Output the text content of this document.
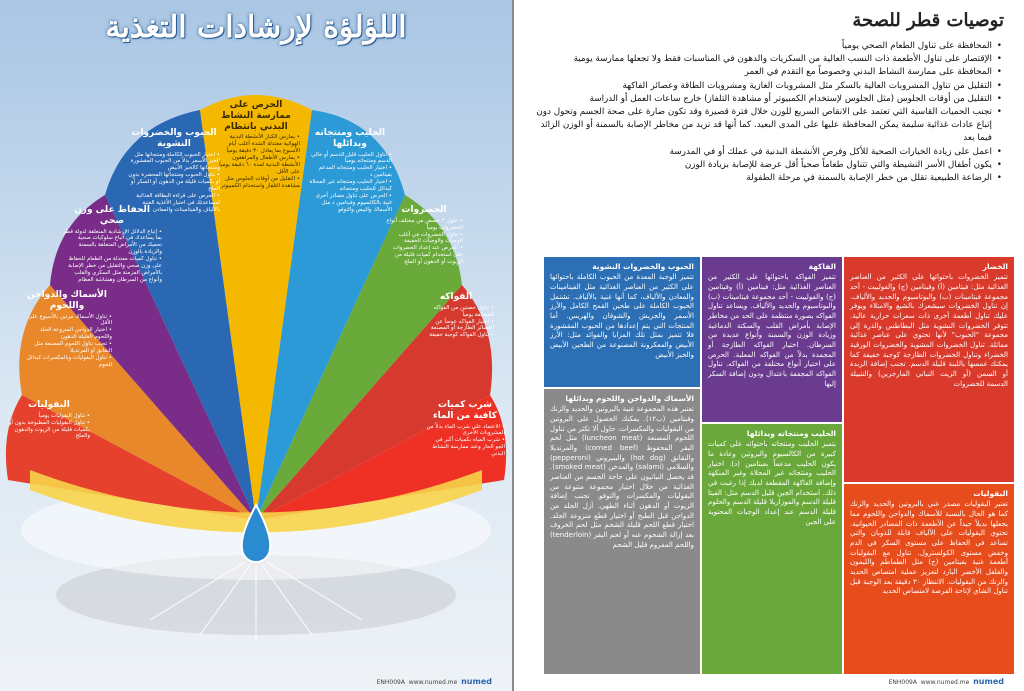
اللؤلؤة لإرشادات التغذية
البقوليات
• تناول البقوليات يومياً
• تناول البقوليات المطبوخة بدون أو بكميات قليلة من الزيوت والدهون والملح
الأسماك والدواجن واللحوم
• تناول الأسماك مرتين بالأسبوع على الأقل
• اختيار الدواجن المنزوعة الجلد واللحوم القليلة الدهون
• تجنب تناول اللحوم المصنعة مثل النقانق أو المرتديلا
• تناول البقوليات وبالمكسرات كبدائل للحوم
الحفاظ على وزن صحي
• إتباع الدلائل الإرشادية المتعلقة لدولة قطر بما يساعدك في اتباع سلوكيات صحية تحميك من الأمراض المتعلقة بالسمنة والزيادة بالوزن
• تناول كميات معتدلة من الطعام للحفاظ على وزن صحي والتقليل من خطر الإصابة بالأمراض المزمنة مثل السكري والقلب وأنواع من السرطان وهشاشة العظام
الحبوب والخضروات النشوية
• اختيار الحبوب الكاملة ومنتجاتها مثل الخبز الأسمر بدلاً من الحبوب المقشورة ومنتجاتها كالخبز الأبيض
• تناول الحبوب ومنتجاتها المحضرة بدون أو بكميات قليلة من الدهون أو السكر أو الملح
• الحرص على قراءة البطاقة الغذائية لمساعدتك في اختيار الأغذية الغنية بالألياف والفيتامينات والمعادن
الحرص على ممارسة النشاط البدني بانتظام
• يمارس الكبار الأنشطة البدنية الهوائية معتدلة الشدة أغلب أيام الأسبوع بما يعادل ٣٠ دقيقة يومياً
• يمارس الأطفال والمراهقون الأنشطة البدنية لمدة ٦٠ دقيقة يومياً على الأقل
• التقليل من أوقات الجلوس مثل مشاهدة التلفاز واستخدام الكمبيوتر
الحليب ومنتجاته وبدائلها
• تناول الحليب قليل الدسم أو خالي الدسم ومنتجاته يومياً
• اختيار الحليب ومنتجاته المدعم بفيتامين د
• اختيار الحليب ومنتجاته غير المحلاة كبدائل للحليب ومنتجاته
• الحرص على تناول مصادر أخرى غنية بالكالسيوم وفيتامين د مثل الأسماك والبيض والتوفو	الخضروات
• تناول ٣ حصص من مختلف أنواع الخضروات يومياً
• تناول الخضروات في أغلب الوجبات والوجبات الخفيفة
• الحرص عند إعداد الخضروات على استخدام كميات قليلة من الزيوت أو الدهون أو الملح
الفواكه
• تناول حصتين من الفواكه المختلفة يومياً
• اختيار الفواكه عوضاً عن العصائر الطازجة أو المصنعة
• تناول الفواكه كوجبة خفيفة
شرب كميات كافية من الماء
• الاعتماد على شرب الماء بدلاً من المشروبات الأخرى
• شرب المياه بكميات أكبر في الجو الحار وعند ممارسة النشاط البدني
ENH009A www.numed.me numed
توصيات قطر للصحة
• المحافظة على تناول الطعام الصحي يومياً
• الإقتصار على تناول الأطعمة ذات النسب العالية من السكريات والدهون في المناسبات فقط ولا تجعلها ممارسة يومية
• المحافظة على ممارسة النشاط البدني وخصوصاً مع التقدم في العمر
• التقليل من تناول المشروبات العالية بالسكر مثل المشروبات الغازية ومشروبات الطاقة وعصائر الفاكهة
• التقليل من أوقات الجلوس (مثل الجلوس لإستخدام الكمبيوتر أو مشاهدة التلفاز) خارج ساعات العمل أو الدراسة
• تجنب الحميات القاسية التي تعتمد على الانقاص السريع للوزن خلال فترة قصيرة وقد تكون ضارة على صحة الجسم وتحول دون إتباع عادات غذائية سليمة يمكن المحافظة عليها على المدى البعيد. كما أنها قد تزيد من مخاطر الإصابة بالسمنة أو الوزن الزائد فيما بعد
• اعمل على زيادة الخيارات الصحية للأكل وفرص الأنشطة البدنية في عملك أو في المدرسة
• يكون أطفال الأسر النشيطة والتي تتناول طعاماً صحياً أقل عرضة للإصابة بزيادة الوزن
• الرضاعة الطبيعية تقلل من خطر الإصابة بالسمنة في مرحلة الطفولة
الخضار
تتميز الخضروات باحتوائها على الكثير من العناصر الغذائية مثل: فيتامين (أ) وفيتامين (ج) والفولييت - أحد مجموعة فيتامينات (ب) والبوتاسيوم والحديد والألياف. إن تناول الخضروات سيشعرك بالشبع والامتلاء ويوفر عليك تناول أطعمة أخرى ذات سعرات حرارية عالية. تتوفر الخضروات النشوية مثل البطاطس والذرة إلى مجموعة "الحبوب" لأنها تحتوي على عناصر غذائية مماثلة. تناول الخضروات المشوية والخضروات الورقية الخضراء وتناول الخضروات الطازجة كوجبة خفيفة كما يمكنك غمسها باللبنة قليلة الدسم. تجنب إضافة الزبدة أو السمن (أو الزيت النباتي المارجرين) والتتبيلة الدسمة للخضروات
الفاكهة
تتميز الفواكه باحتوائها على الكثير من العناصر الغذائية مثل: فيتامين (أ) وفيتامين (ج) والفولييت - أحد مجموعة فيتامينات (ب) والبوتاسيوم والحديد والألياف. ويساعد تناول الفواكه بصورة منتظمة على الحد من مخاطر الإصابة بأمراض القلب والسكتة الدماغية وزيادة الوزن والسمنة وأنواع عديدة من السرطان. اختيار الفواكه الطازجة أو المجمدة بدلاً من الفواكه المعلبة. الحرص على اختيار أنواع مختلفة من الفواكه. تناول الفواكه المجففة باعتدال ودون إضافة السكر إليها
الحبوب والخضروات النشوية
تتميز الوجبة المعدة من الحبوب الكاملة باحتوائها على الكثير من العناصر الغذائية مثل الفيتامينات والمعادن والألياف، كما أنها غنية بالألياف. تشتمل الحبوب الكاملة على طحين القمح الكامل والأرز الأسمر والجريش والشوفان والهريس. أما المنتجات التي يتم إعدادها من الحبوب المقشورة فلا تتميز بمثل تلك المزايا والفوائد مثل: الأرز الأبيض والمعكرونة المصنوعة من الطحين الأبيض والخبز الأبيض
الأسماك والدواجن واللحوم وبدائلها
تعتبر هذه المجموعة غنية بالبروتين والحديد والزنك وفيتامين (ب١٢). يمكنك الحصول على البروتين من البقوليات والمكسرات. حاول ألا تكثر من تناول اللحوم المصنعة (luncheon meat) مثل لحم البقر المحفوظ (corned beef) والمرتديلا والنقانق (hot dog) والببيروني (pepperoni) والسلامي (salami) والمدخن (smoked meat). قد يحصل النباتيون على حاجة الجسم من العناصر الغذائية من خلال اختيار مجموعة متنوعة من البقوليات والمكسرات والتوفو. تجنب إضافة الزيوت أو الدهون أثناء الطهي. أزل الجلد من الدواجن قبل الطبخ أو اختيار قطع منزوعة الجلد. اختيار قطع اللحم قليلة الشحم مثل لحم الخروف بعد إزالة الشحوم عنه أو لحم البقر (tenderloin) واللحم المفروم قليل الشحم
الحليب ومنتجاته وبدائلها
يتميز الحليب ومنتجاته باحتوائه على كميات كبيرة من الكالسيوم والبروتين وعادة ما يكون الحليب مدعماً بفيتامين (د). اختيار الحليب ومنتجاته غير المحلاة وغير المنكهة وإضافة الفاكهة المقطعة لديك إذا رغبت في ذلك. استخدام الجبن قليل الدسم مثل: الفيتا قليلة الدسم والموزاريلا قليلة الدسم والحلوم قليلة الدسم عند إعداد الوجبات المحتوية على الجبن
البقوليات
تعتبر البقوليات مصدر غني بالبروتين والحديد والزنك كما هو الحال بالنسبة للأسماك والدواجن واللحوم مما يجعلها بديلاً جيداً عن الأطعمة ذات المصادر الحيوانية. تحتوي البقوليات على الألياف قابلة للذوبان والتي تساعد في الحفاظ على مستوى السكر في الدم وخفض مستوى الكولسترول. تناول مع البقوليات أطعمة غنية بفيتامين (ج) مثل الطماطم والليمون والفلفل الأخضر البارد لتعزيز عملية امتصاص الحديد والزنك من البقوليات. الانتظار ٣٠ دقيقة بعد الوجبة قبل تناول الشاي لإتاحة الفرصة لامتصاص الحديد
ENH009A www.numed.me numed
